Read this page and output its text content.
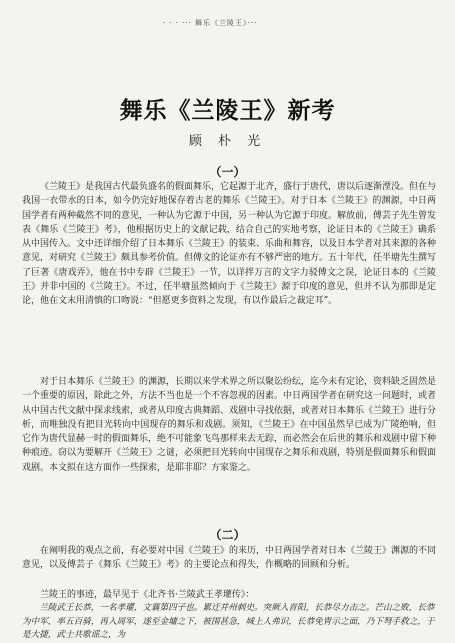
· · · ··· 舞乐《兰陵王》···
舞乐《兰陵王》新考
顾 朴 光
（一）
《兰陵王》是我国古代最负盛名的假面舞乐，它起源于北齐，盛行于唐代，唐以后逐渐湮没。但在与我国一衣带水的日本，如今仍完好地保存着古老的舞乐《兰陵王》。对于日本《兰陵王》的渊源，中日两国学者有两种截然不同的意见，一种认为它源于中国，另一种认为它源于印度。解放前，傅芸子先生曾发表《舞乐《兰陵王》考》，他根据历史上的文献记载，结合自己的实地考察，论证日本的《兰陵王》确系从中国传入。文中还详细介绍了日本舞乐《兰陵王》的装束、乐曲和舞容，以及日本学者对其来源的各种意见，对研究《兰陵王》颇具参考价值。但傅文的论证亦有不够严密的地方。五十年代，任半塘先生撰写了巨著《唐戏弄》，他在书中专辟《兰陵王》一节，以详拌万言的文字力驳傅文之误，论证日本的《兰陵王》并非中国的《兰陵王》。不过，任半塘虽然倾向于《兰陵王》源于印度的意见，但并不认为那即是定论，他在文末用清慎的口吻说：“但愿更多资料之发现，有以作最后之裁定耳”。
对于日本舞乐《兰陵王》的渊源，长期以来学术界之所以聚讼纷纭，迄今未有定论，资料缺乏固然是一个重要的原因，除此之外，方法不当也是一个不容忽视的因素。中日两国学者在研究这一问题时，或者从中国古代文献中探求线索，或者从印度古典舞蹈、戏剧中寻找依据，或者对日本舞乐《兰陵王》进行分析，而唯独没有把目光转向中国现存的舞乐和戏剧。须知，《兰陵王》在中国虽然早已成为广陵绝响，但它作为唐代显赫一时的假面舞乐，绝不可能象飞鸟那样来去无踪，而必然会在后世的舞乐和戏剧中留下种种痕迹。窃以为要解开《兰陵王》之谜，必须把目光转向中国现存之舞乐和戏剧，特别是假面舞乐和假面戏剧。本文拟在这方面作一些探索，是耶非耶？方家鉴之。
（二）
在阐明我的观点之前，有必要对中国《兰陵王》的来历，中日两国学者对日本《兰陵王》渊源的不同意见，以及傅芸子《舞乐《兰陵王》考》的主要论点和得失，作概略的回顾和分析。
兰陵王的事迹，最早见于《北齐书·兰陵武王孝瓘传》：
兰陵武王长恭，一名孝瓘，文襄第四子也。累迁并州刺史。突厥入晋阳，长恭尽力击之。芒山之败，长恭为中军，率五百骑，再入周军，遂至金墉之下，被围甚急，城上人弗识，长恭免胄示之面，乃下弩手救之，于是大捷，武士共歌谣之，为
